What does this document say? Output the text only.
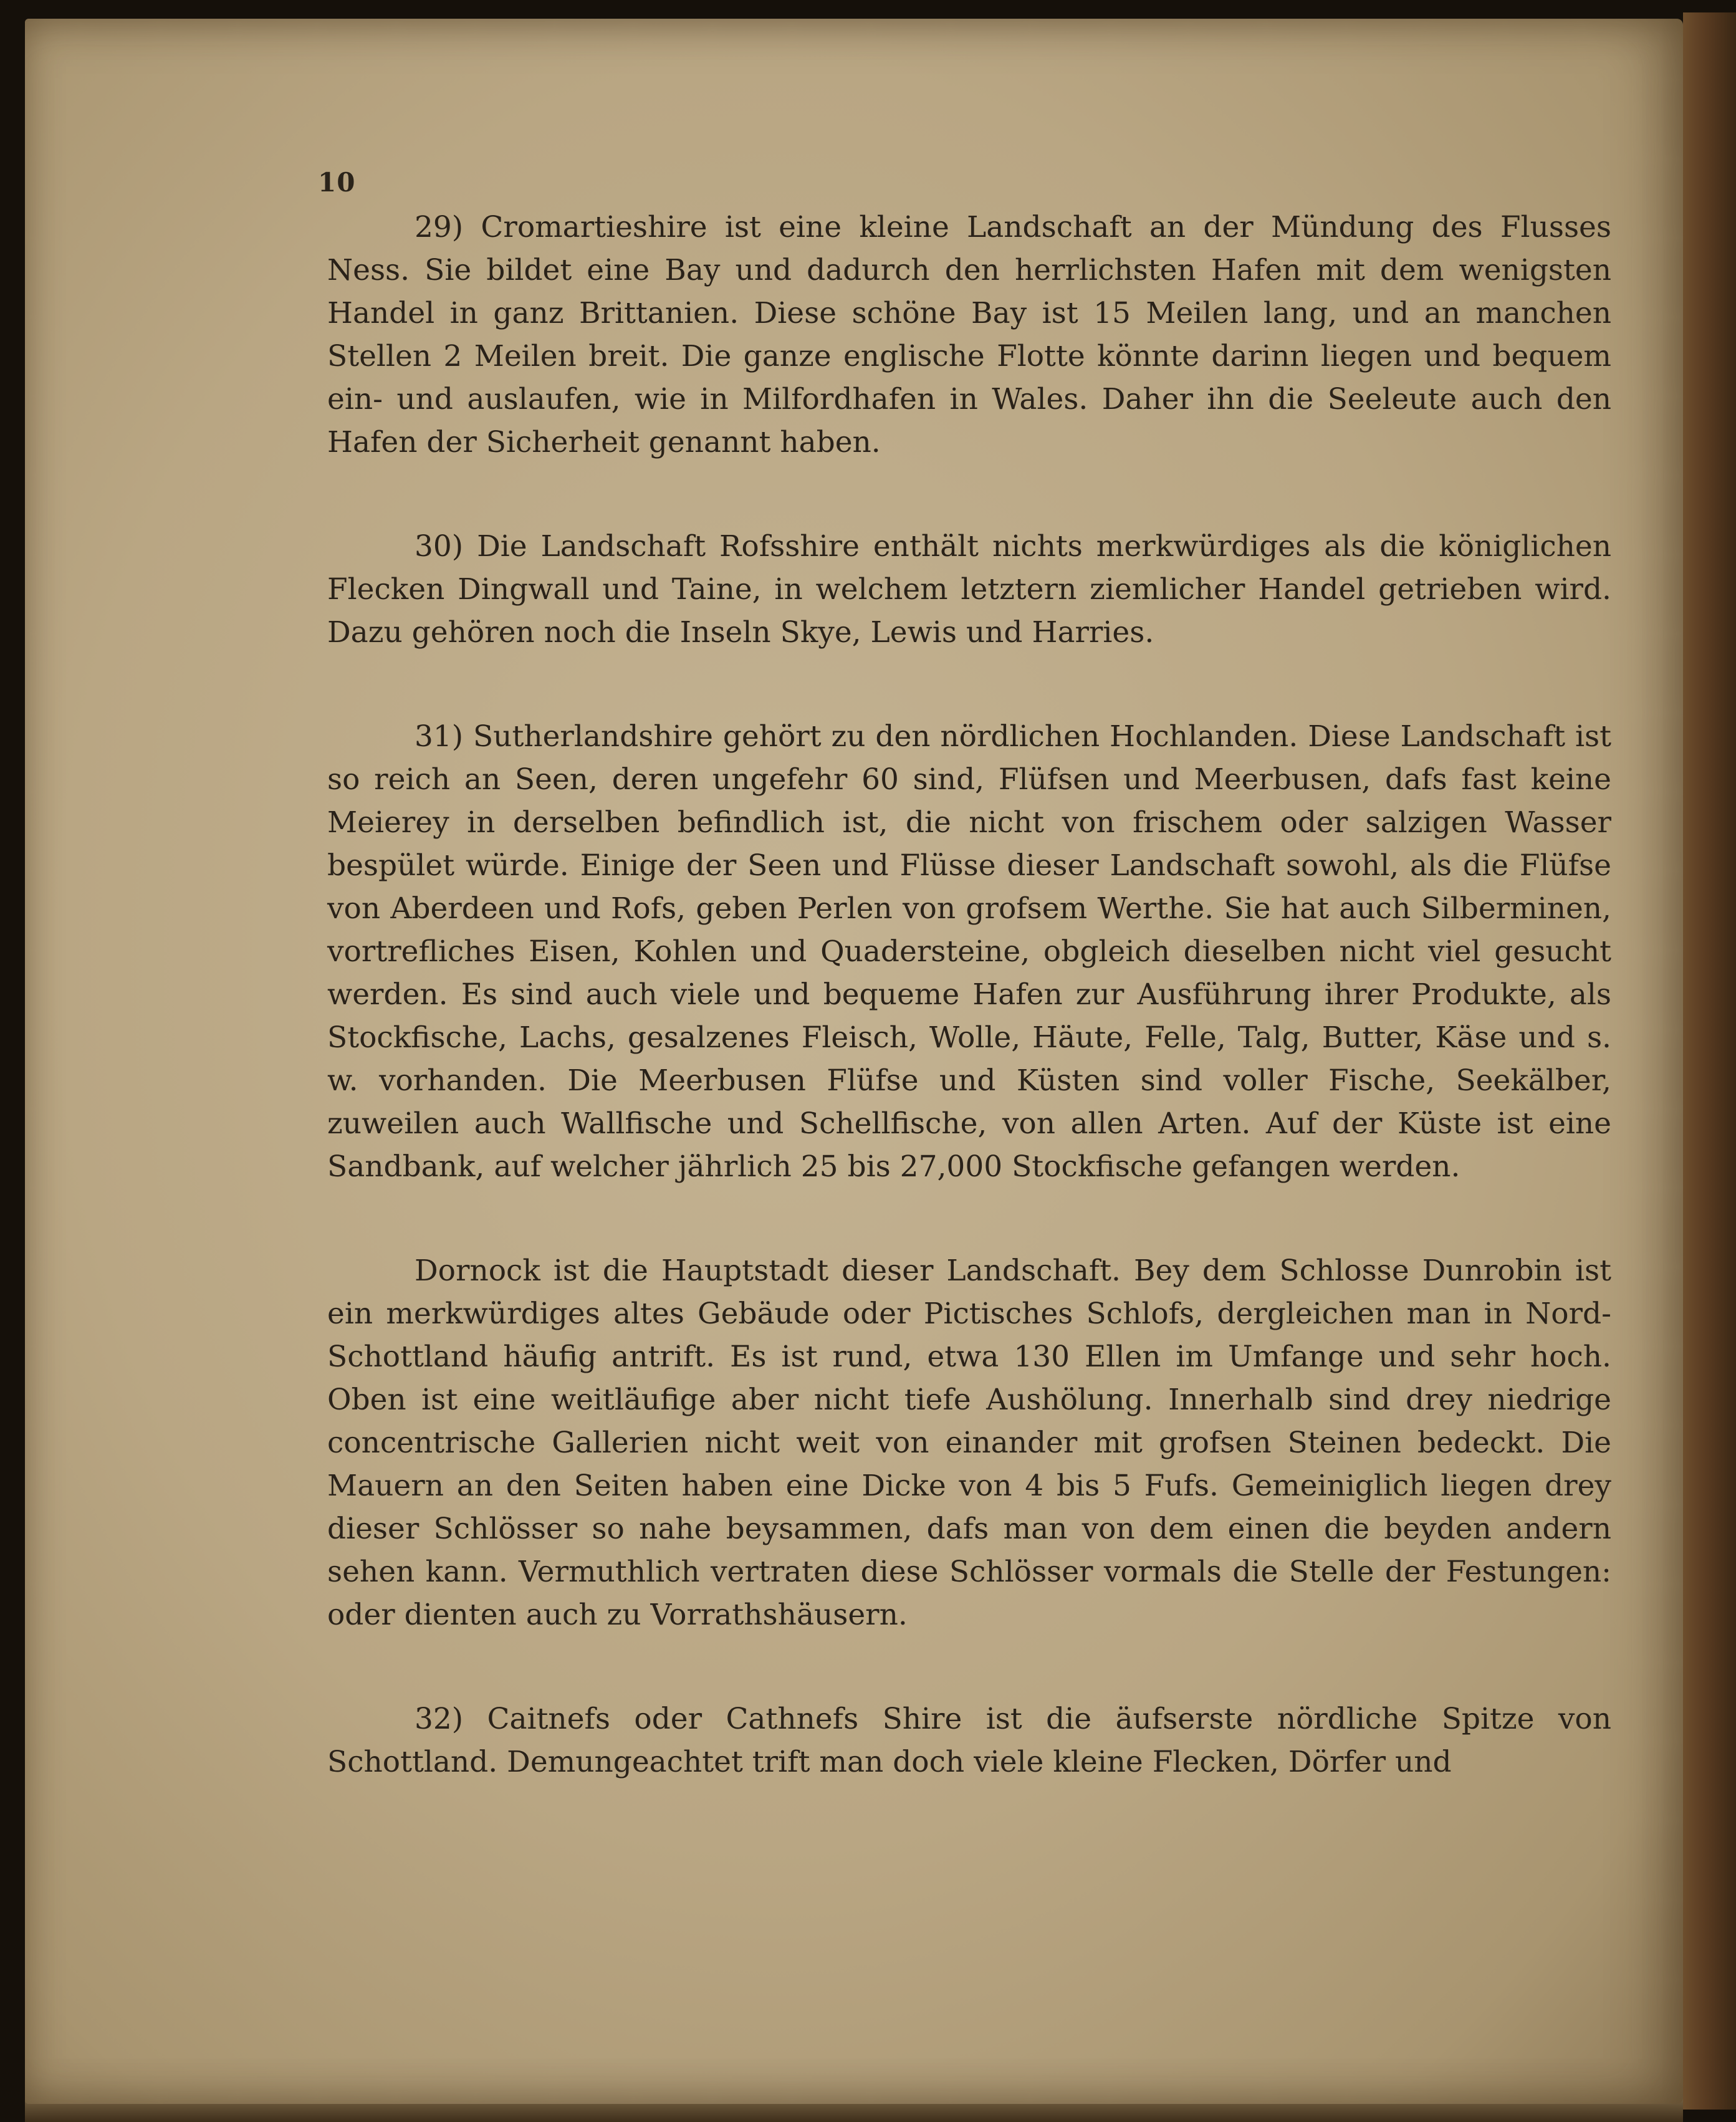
10

29) Cromartieshire ist eine kleine Landschaft an der Mündung des Flusses Ness. Sie bildet eine Bay und dadurch den herrlichsten Hafen mit dem wenigsten Handel in ganz Brittanien. Diese schöne Bay ist 15 Meilen lang, und an manchen Stellen 2 Meilen breit. Die ganze englische Flotte könnte darinn liegen und bequem ein- und auslaufen, wie in Milfordhafen in Wales. Daher ihn die Seeleute auch den Hafen der Sicherheit genannt haben.

30) Die Landschaft Rofsshire enthält nichts merkwürdiges als die königlichen Flecken Dingwall und Taine, in welchem letztern ziemlicher Handel getrieben wird. Dazu gehören noch die Inseln Skye, Lewis und Harries.

31) Sutherlandshire gehört zu den nördlichen Hochlanden. Diese Landschaft ist so reich an Seen, deren ungefehr 60 sind, Flüfsen und Meerbusen, dafs fast keine Meierey in derselben befindlich ist, die nicht von frischem oder salzigen Wasser bespület würde. Einige der Seen und Flüsse dieser Landschaft sowohl, als die Flüfse von Aberdeen und Rofs, geben Perlen von grofsem Werthe. Sie hat auch Silberminen, vortrefliches Eisen, Kohlen und Quadersteine, obgleich dieselben nicht viel gesucht werden. Es sind auch viele und bequeme Hafen zur Ausführung ihrer Produkte, als Stockfische, Lachs, gesalzenes Fleisch, Wolle, Häute, Felle, Talg, Butter, Käse und s. w. vorhanden. Die Meerbusen Flüfse und Küsten sind voller Fische, Seekälber, zuweilen auch Wallfische und Schellfische, von allen Arten. Auf der Küste ist eine Sandbank, auf welcher jährlich 25 bis 27,000 Stockfische gefangen werden.

Dornock ist die Hauptstadt dieser Landschaft. Bey dem Schlosse Dunrobin ist ein merkwürdiges altes Gebäude oder Pictisches Schlofs, dergleichen man in Nord-Schottland häufig antrift. Es ist rund, etwa 130 Ellen im Umfange und sehr hoch. Oben ist eine weitläufige aber nicht tiefe Aushölung. Innerhalb sind drey niedrige concentrische Gallerien nicht weit von einander mit grofsen Steinen bedeckt. Die Mauern an den Seiten haben eine Dicke von 4 bis 5 Fufs. Gemeiniglich liegen drey dieser Schlösser so nahe beysammen, dafs man von dem einen die beyden andern sehen kann. Vermuthlich vertraten diese Schlösser vormals die Stelle der Festungen: oder dienten auch zu Vorrathshäusern.

32) Caitnefs oder Cathnefs Shire ist die äufserste nördliche Spitze von Schottland. Demungeachtet trift man doch viele kleine Flecken, Dörfer und
